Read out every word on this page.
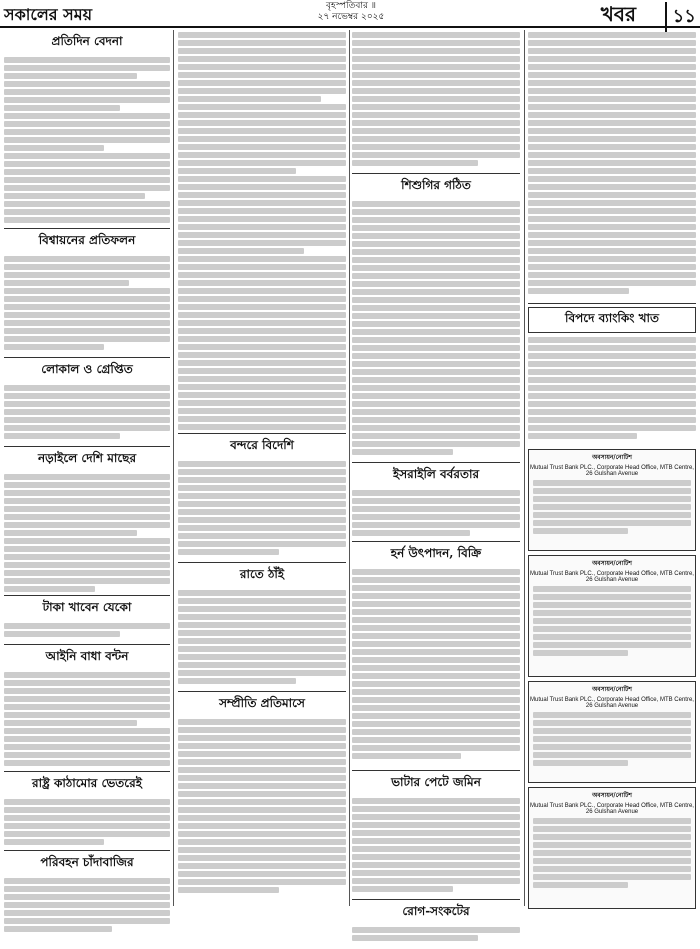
সকালের সময়	বৃহস্পতিবার ॥
২৭ নভেম্বর ২০২৫	খবর	১১
প্রতিদিন বেদনা
বিশ্বায়নের প্রতিফলন
লোকাল ও গ্রেপ্তিত
নড়াইলে দেশি মাছের
টাকা খাবেন যেকো
আইনি বাধা বন্টন
রাষ্ট্র কাঠামোর ভেতরেই
পরিবহন চাঁদাবাজির
বন্দরে বিদেশি
রাতে ঠাঁই
সম্প্রীতি প্রতিমাসে
শিশুগির গঠিত
ইসরাইলি বর্বরতার
হর্ন উৎপাদন, বিক্রি
ভাটার পেটে জমিন
রোগ-সংকটের
বিপদে ব্যাংকিং খাত
অবসায়ন/নোটিশ
Mutual Trust Bank PLC., Corporate Head Office, MTB Centre, 26 Gulshan Avenue
অবসায়ন/নোটিশ
Mutual Trust Bank PLC., Corporate Head Office, MTB Centre, 26 Gulshan Avenue
অবসায়ন/নোটিশ
Mutual Trust Bank PLC., Corporate Head Office, MTB Centre, 26 Gulshan Avenue
অবসায়ন/নোটিশ
Mutual Trust Bank PLC., Corporate Head Office, MTB Centre, 26 Gulshan Avenue
